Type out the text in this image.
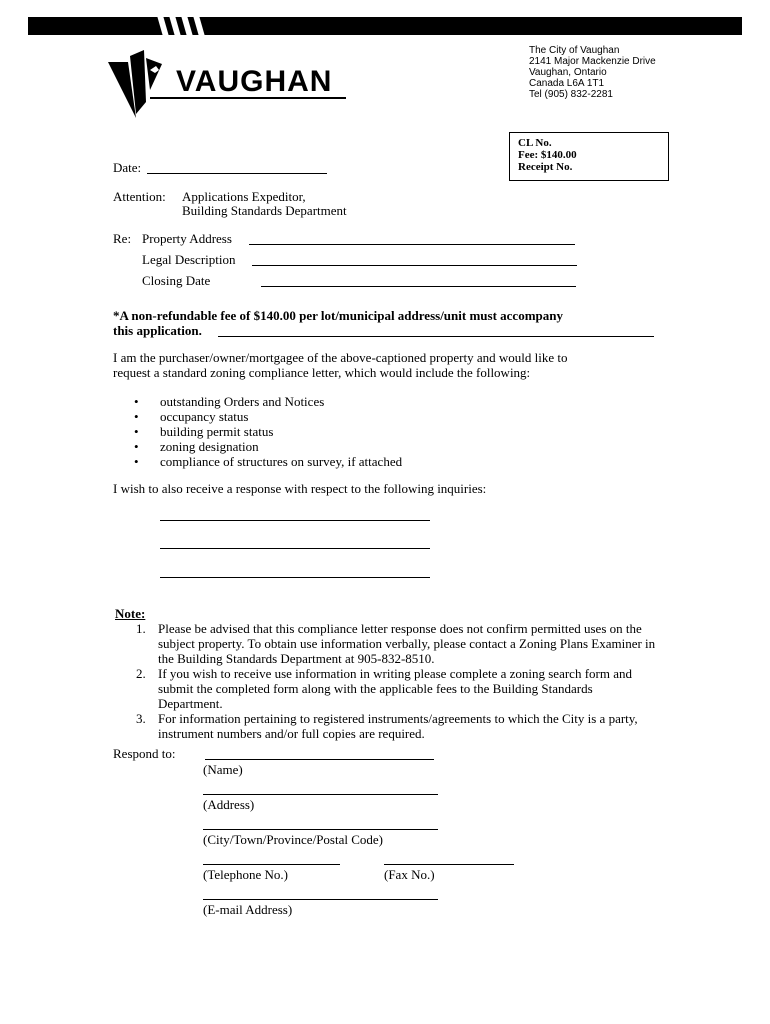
VAUGHAN
The City of Vaughan
2141 Major Mackenzie Drive
Vaughan, Ontario
Canada L6A 1T1
Tel (905) 832-2281
CL No.
Fee: $140.00
Receipt No.
Date:
Attention: Applications Expeditor,
Building Standards Department
Re: Property Address
Legal Description
Closing Date
*A non-refundable fee of $140.00 per lot/municipal address/unit must accompany
this application.
I am the purchaser/owner/mortgagee of the above-captioned property and would like to
request a standard zoning compliance letter, which would include the following:
• outstanding Orders and Notices
• occupancy status
• building permit status
• zoning designation
• compliance of structures on survey, if attached
I wish to also receive a response with respect to the following inquiries:
Note:
1. Please be advised that this compliance letter response does not confirm permitted uses on the subject property. To obtain use information verbally, please contact a Zoning Plans Examiner in the Building Standards Department at 905-832-8510.
2. If you wish to receive use information in writing please complete a zoning search form and submit the completed form along with the applicable fees to the Building Standards Department.
3. For information pertaining to registered instruments/agreements to which the City is a party, instrument numbers and/or full copies are required.
Respond to:
(Name)
(Address)
(City/Town/Province/Postal Code)
(Telephone No.)	(Fax No.)
(E-mail Address)
